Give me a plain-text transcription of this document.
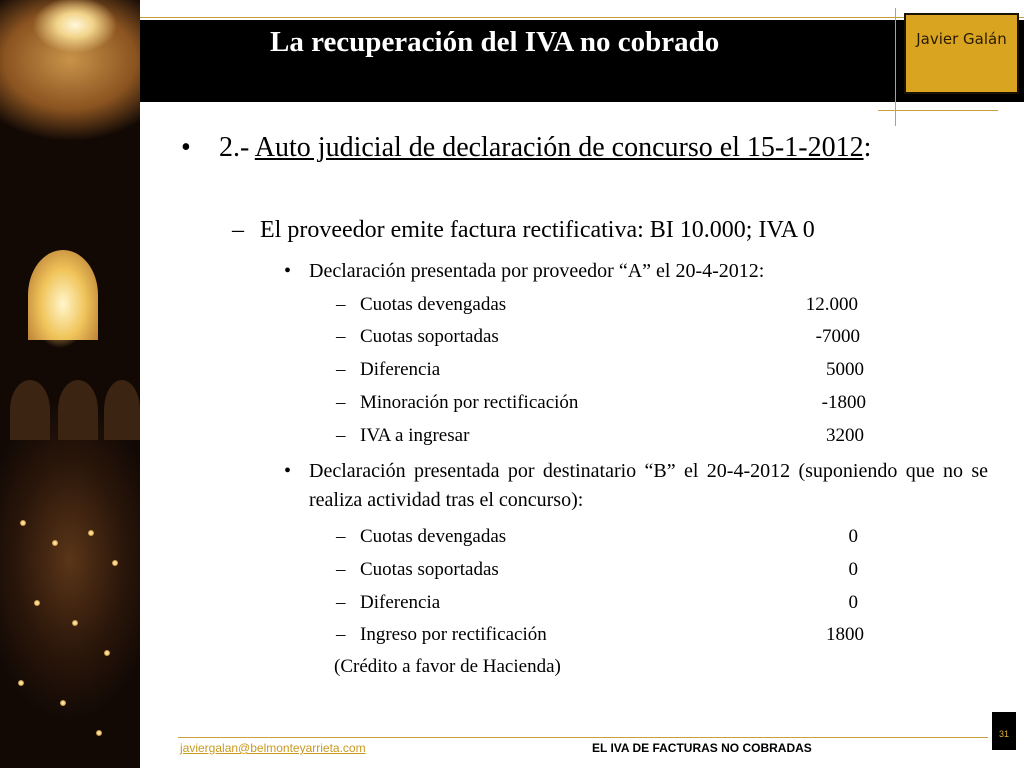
La recuperación del IVA no cobrado	Javier Galán
• 2.- Auto judicial de declaración de concurso el 15-1-2012:
– El proveedor emite factura rectificativa: BI 10.000; IVA 0
• Declaración presentada por proveedor “A” el 20-4-2012:
– Cuotas devengadas	12.000
– Cuotas soportadas	-7000
– Diferencia	5000
– Minoración por rectificación	-1800
– IVA a ingresar	3200
• Declaración presentada por destinatario “B” el 20-4-2012 (suponiendo que no se realiza actividad tras el concurso):
– Cuotas devengadas	0
– Cuotas soportadas	0
– Diferencia	0
– Ingreso por rectificación	1800
(Crédito a favor de Hacienda)
javiergalan@belmonteyarrieta.com	EL IVA DE FACTURAS NO COBRADAS
31
